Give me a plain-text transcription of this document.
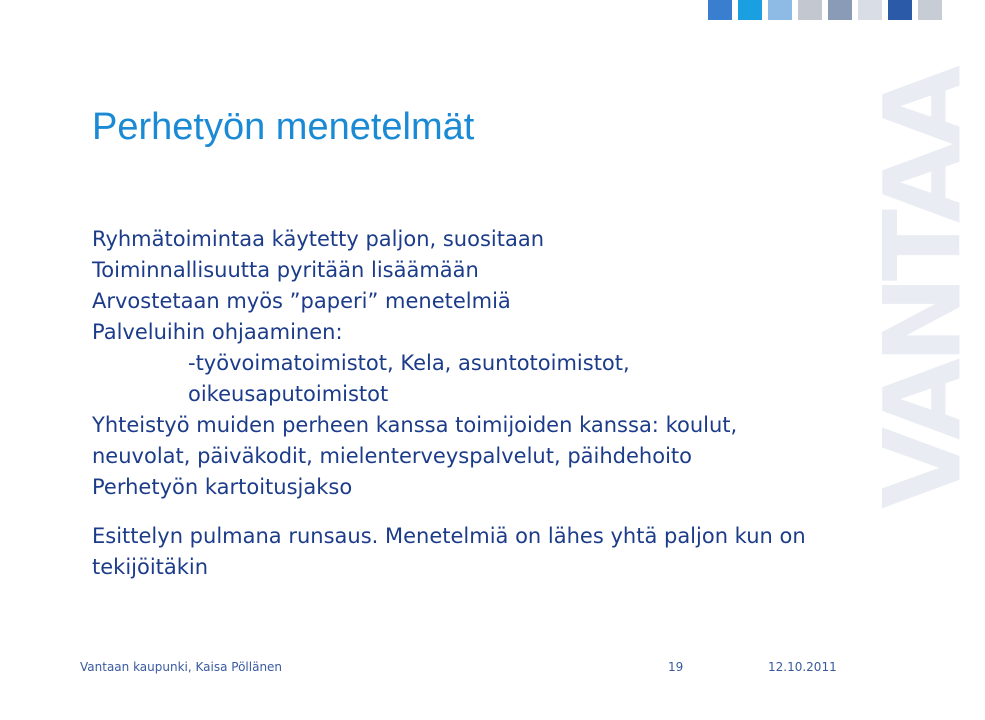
VANTAA
Perhetyön menetelmät
Ryhmätoimintaa käytetty paljon, suositaan
Toiminnallisuutta pyritään lisäämään
Arvostetaan myös ”paperi” menetelmiä
Palveluihin ohjaaminen:
-työvoimatoimistot, Kela, asuntotoimistot,
oikeusaputoimistot
Yhteistyö muiden perheen kanssa toimijoiden kanssa: koulut,
neuvolat, päiväkodit, mielenterveyspalvelut, päihdehoito
Perhetyön kartoitusjakso
Esittelyn pulmana runsaus. Menetelmiä on lähes yhtä paljon kun on tekijöitäkin
Vantaan kaupunki, Kaisa Pöllänen	19	12.10.2011
